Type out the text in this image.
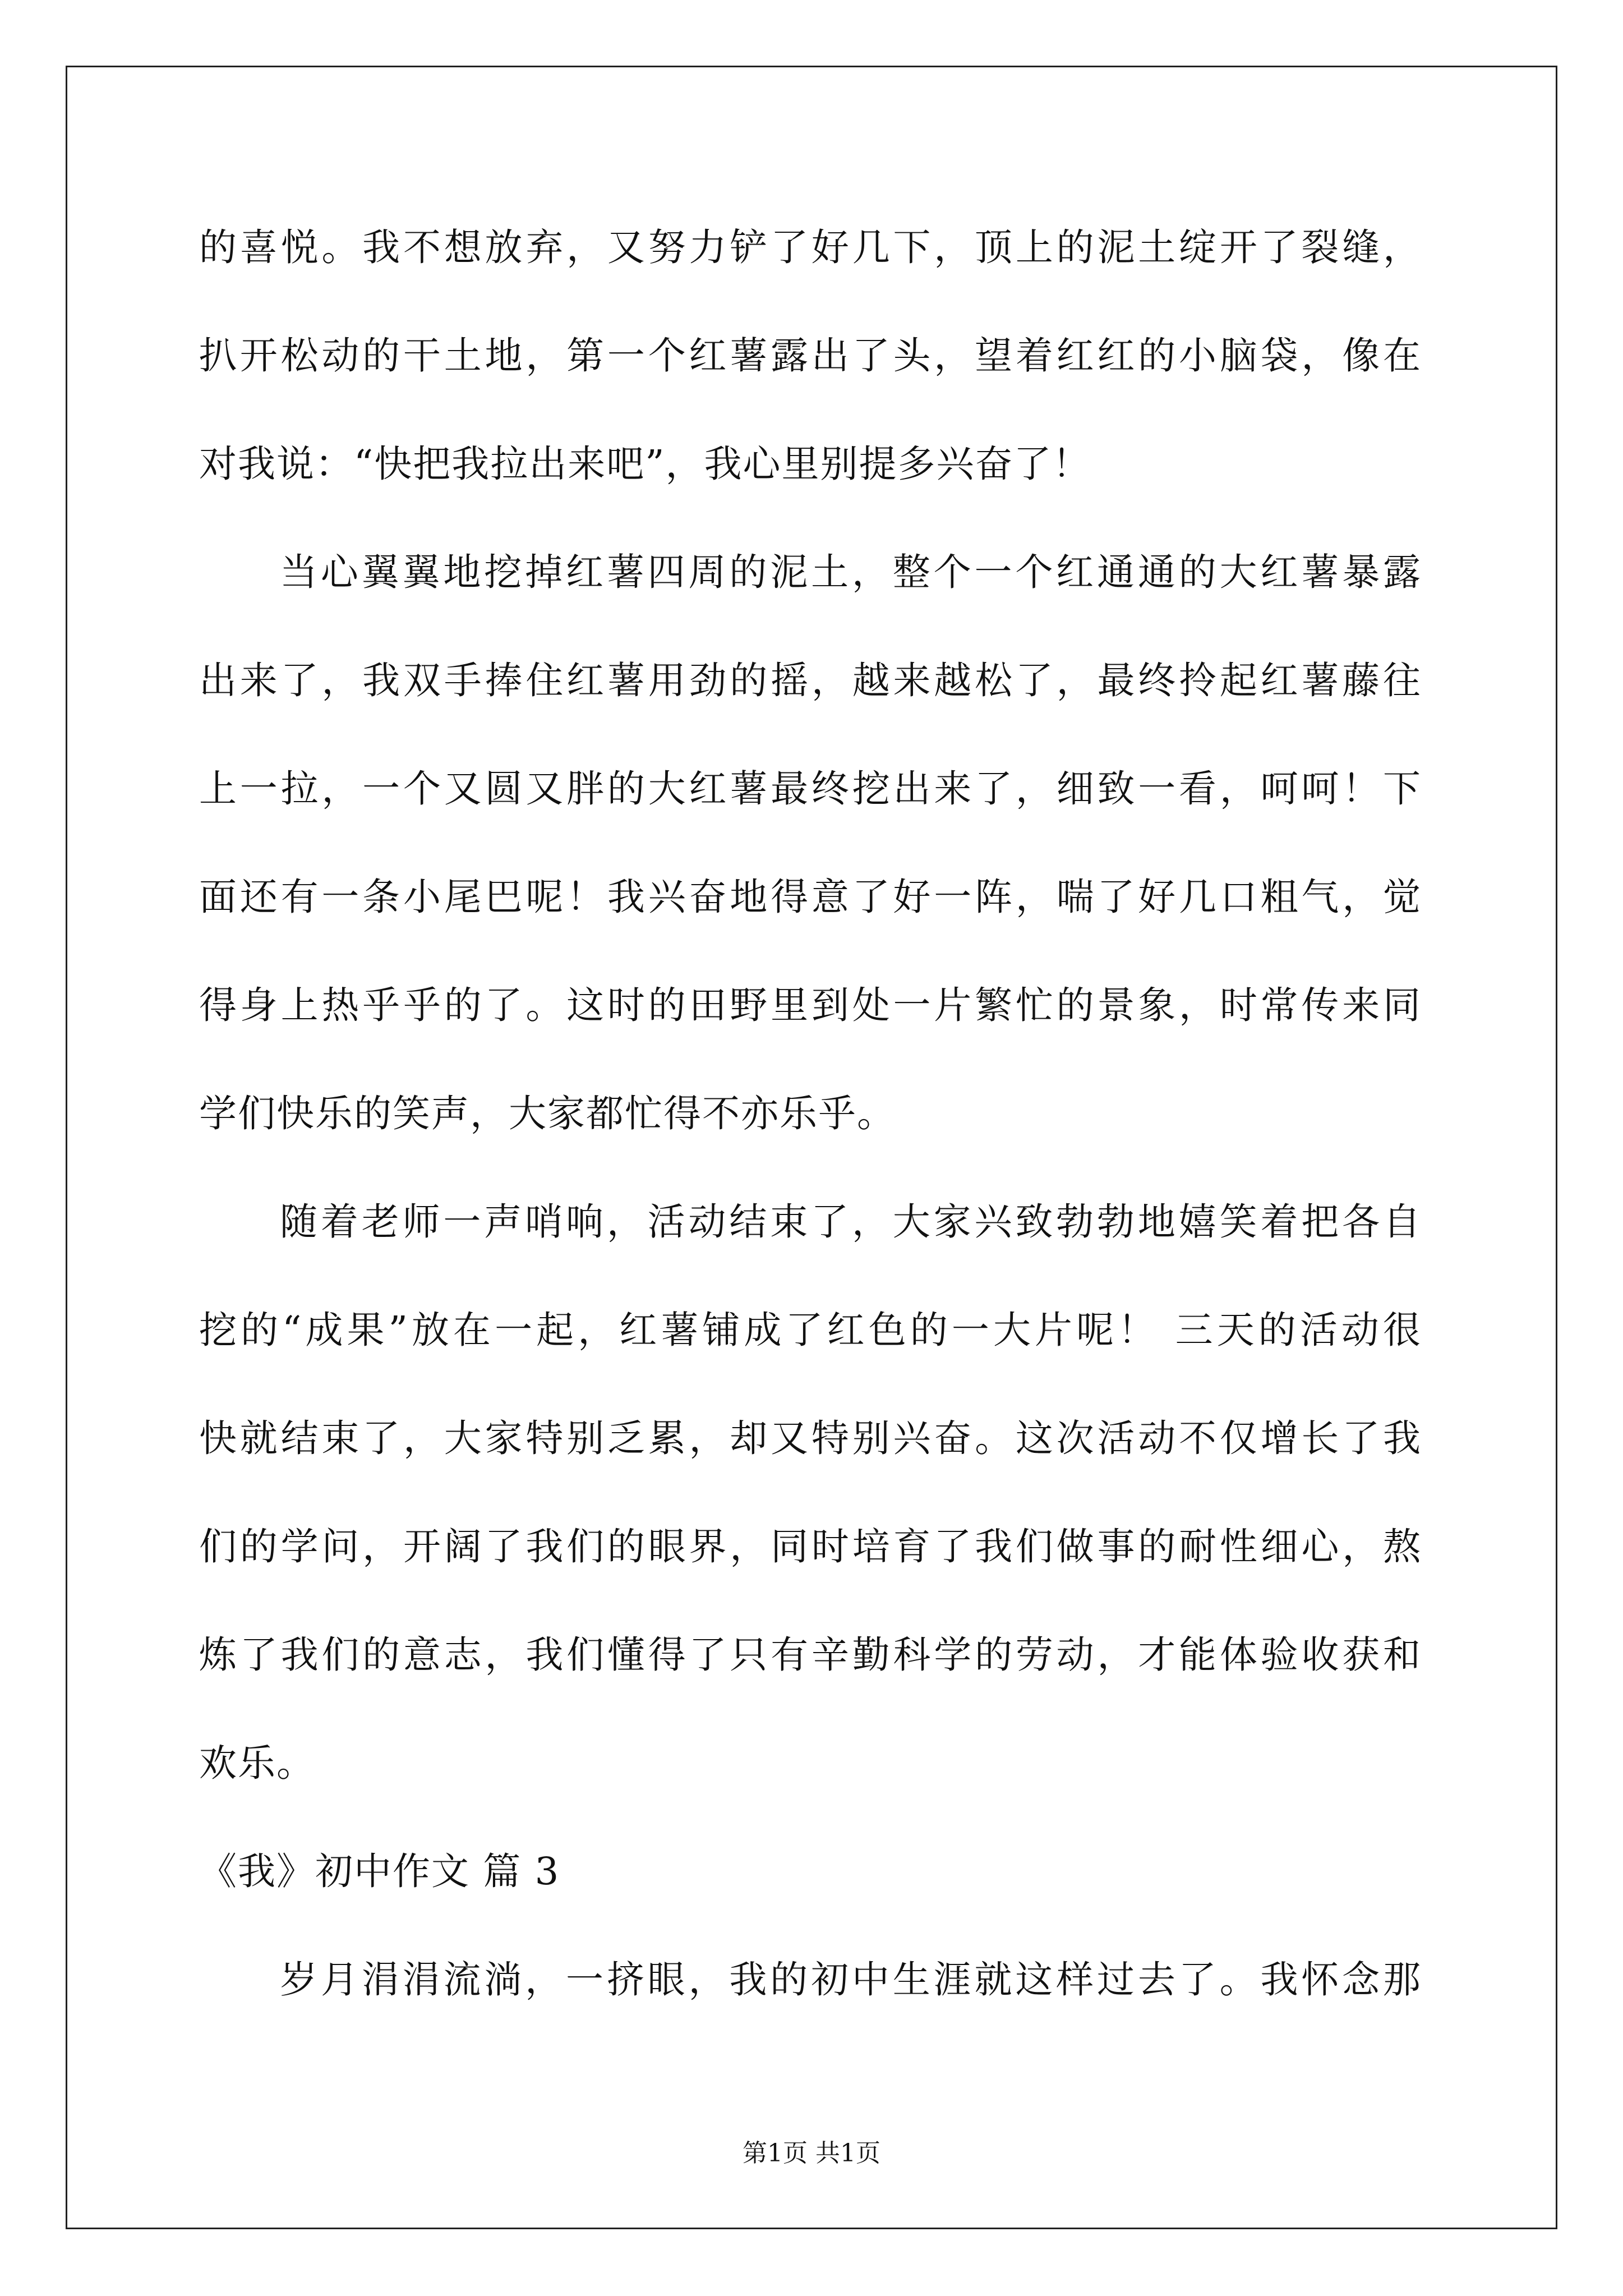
的喜悦。我不想放弃，又努力铲了好几下，顶上的泥土绽开了裂缝，
扒开松动的干土地，第一个红薯露出了头，望着红红的小脑袋，像在
对我说：“快把我拉出来吧”，我心里别提多兴奋了！
当心翼翼地挖掉红薯四周的泥土，整个一个红通通的大红薯暴露
出来了，我双手捧住红薯用劲的摇，越来越松了，最终拎起红薯藤往
上一拉，一个又圆又胖的大红薯最终挖出来了，细致一看，呵呵！下
面还有一条小尾巴呢！我兴奋地得意了好一阵，喘了好几口粗气，觉
得身上热乎乎的了。这时的田野里到处一片繁忙的景象，时常传来同
学们快乐的笑声，大家都忙得不亦乐乎。
随着老师一声哨响，活动结束了，大家兴致勃勃地嬉笑着把各自
挖的“成果”放在一起，红薯铺成了红色的一大片呢！ 三天的活动很
快就结束了，大家特别乏累，却又特别兴奋。这次活动不仅增长了我
们的学问，开阔了我们的眼界，同时培育了我们做事的耐性细心，熬
炼了我们的意志，我们懂得了只有辛勤科学的劳动，才能体验收获和
欢乐。
《我》初中作文 篇 3
岁月涓涓流淌，一挤眼，我的初中生涯就这样过去了。我怀念那
第1页 共1页
